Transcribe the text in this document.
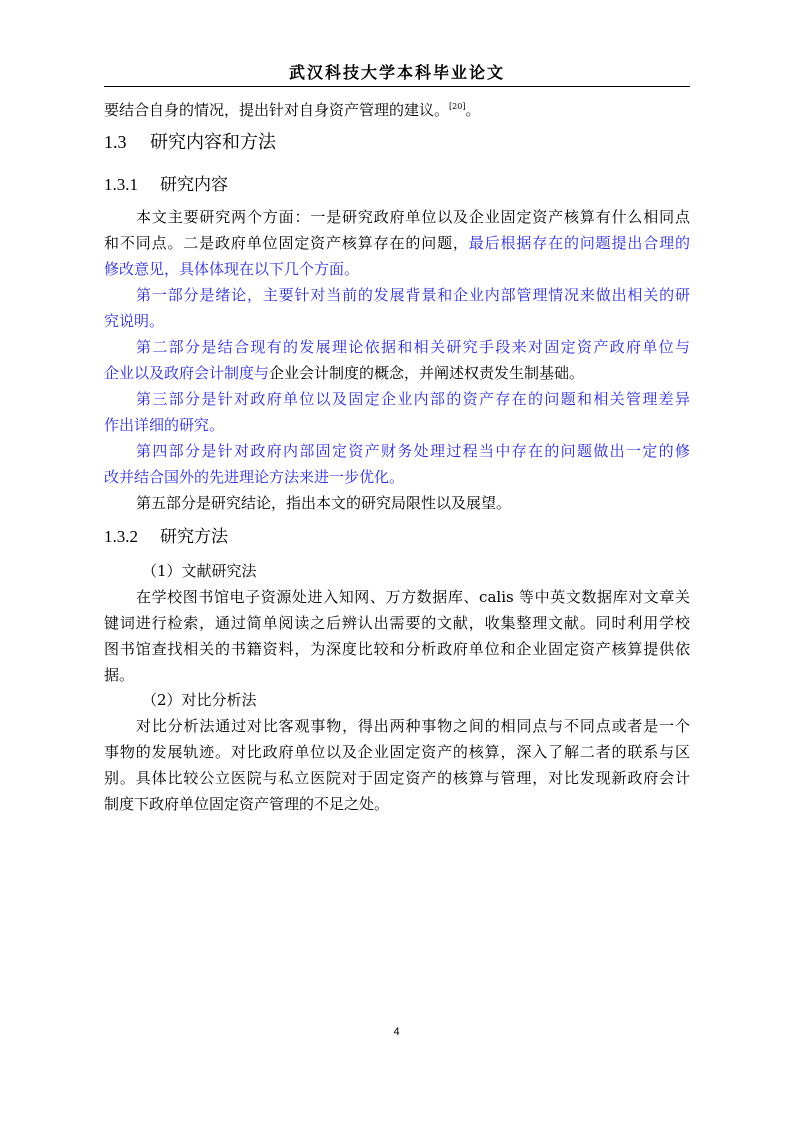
武汉科技大学本科毕业论文
要结合自身的情况，提出针对自身资产管理的建议。[20]。
1.3 研究内容和方法
1.3.1 研究内容
本文主要研究两个方面：一是研究政府单位以及企业固定资产核算有什么相同点
和不同点。二是政府单位固定资产核算存在的问题，最后根据存在的问题提出合理的
修改意见，具体体现在以下几个方面。
第一部分是绪论，主要针对当前的发展背景和企业内部管理情况来做出相关的研
究说明。
第二部分是结合现有的发展理论依据和相关研究手段来对固定资产政府单位与
企业以及政府会计制度与企业会计制度的概念，并阐述权责发生制基础。
第三部分是针对政府单位以及固定企业内部的资产存在的问题和相关管理差异
作出详细的研究。
第四部分是针对政府内部固定资产财务处理过程当中存在的问题做出一定的修
改并结合国外的先进理论方法来进一步优化。
第五部分是研究结论，指出本文的研究局限性以及展望。
1.3.2 研究方法
（1）文献研究法
在学校图书馆电子资源处进入知网、万方数据库、calis 等中英文数据库对文章关
键词进行检索，通过简单阅读之后辨认出需要的文献，收集整理文献。同时利用学校
图书馆查找相关的书籍资料，为深度比较和分析政府单位和企业固定资产核算提供依
据。
（2）对比分析法
对比分析法通过对比客观事物，得出两种事物之间的相同点与不同点或者是一个
事物的发展轨迹。对比政府单位以及企业固定资产的核算，深入了解二者的联系与区
别。具体比较公立医院与私立医院对于固定资产的核算与管理，对比发现新政府会计
制度下政府单位固定资产管理的不足之处。
4
